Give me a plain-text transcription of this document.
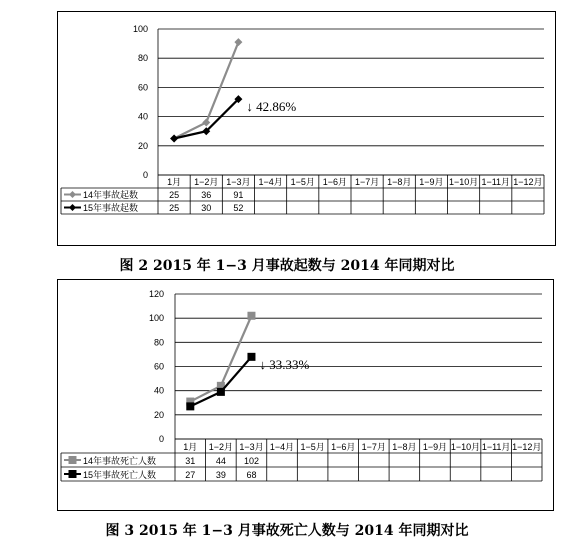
0
20
40
60
80
100
1月 1−2月 1−3月 1−4月 1−5月 1−6月 1−7月 1−8月 1−9月 1−10月 1−11月 1−12月
14年事故起数	25 36 91
15年事故起数	25 30 52
↓ 42.86%
图 2 2015 年 1−3 月事故起数与 2014 年同期对比
0
20
40
60
80
100
120
1月 1−2月 1−3月 1−4月 1−5月 1−6月 1−7月 1−8月 1−9月 1−10月 1−11月 1−12月
14年事故死亡人数	31 44 102
15年事故死亡人数	27 39 68
↓ 33.33%
图 3 2015 年 1−3 月事故死亡人数与 2014 年同期对比
